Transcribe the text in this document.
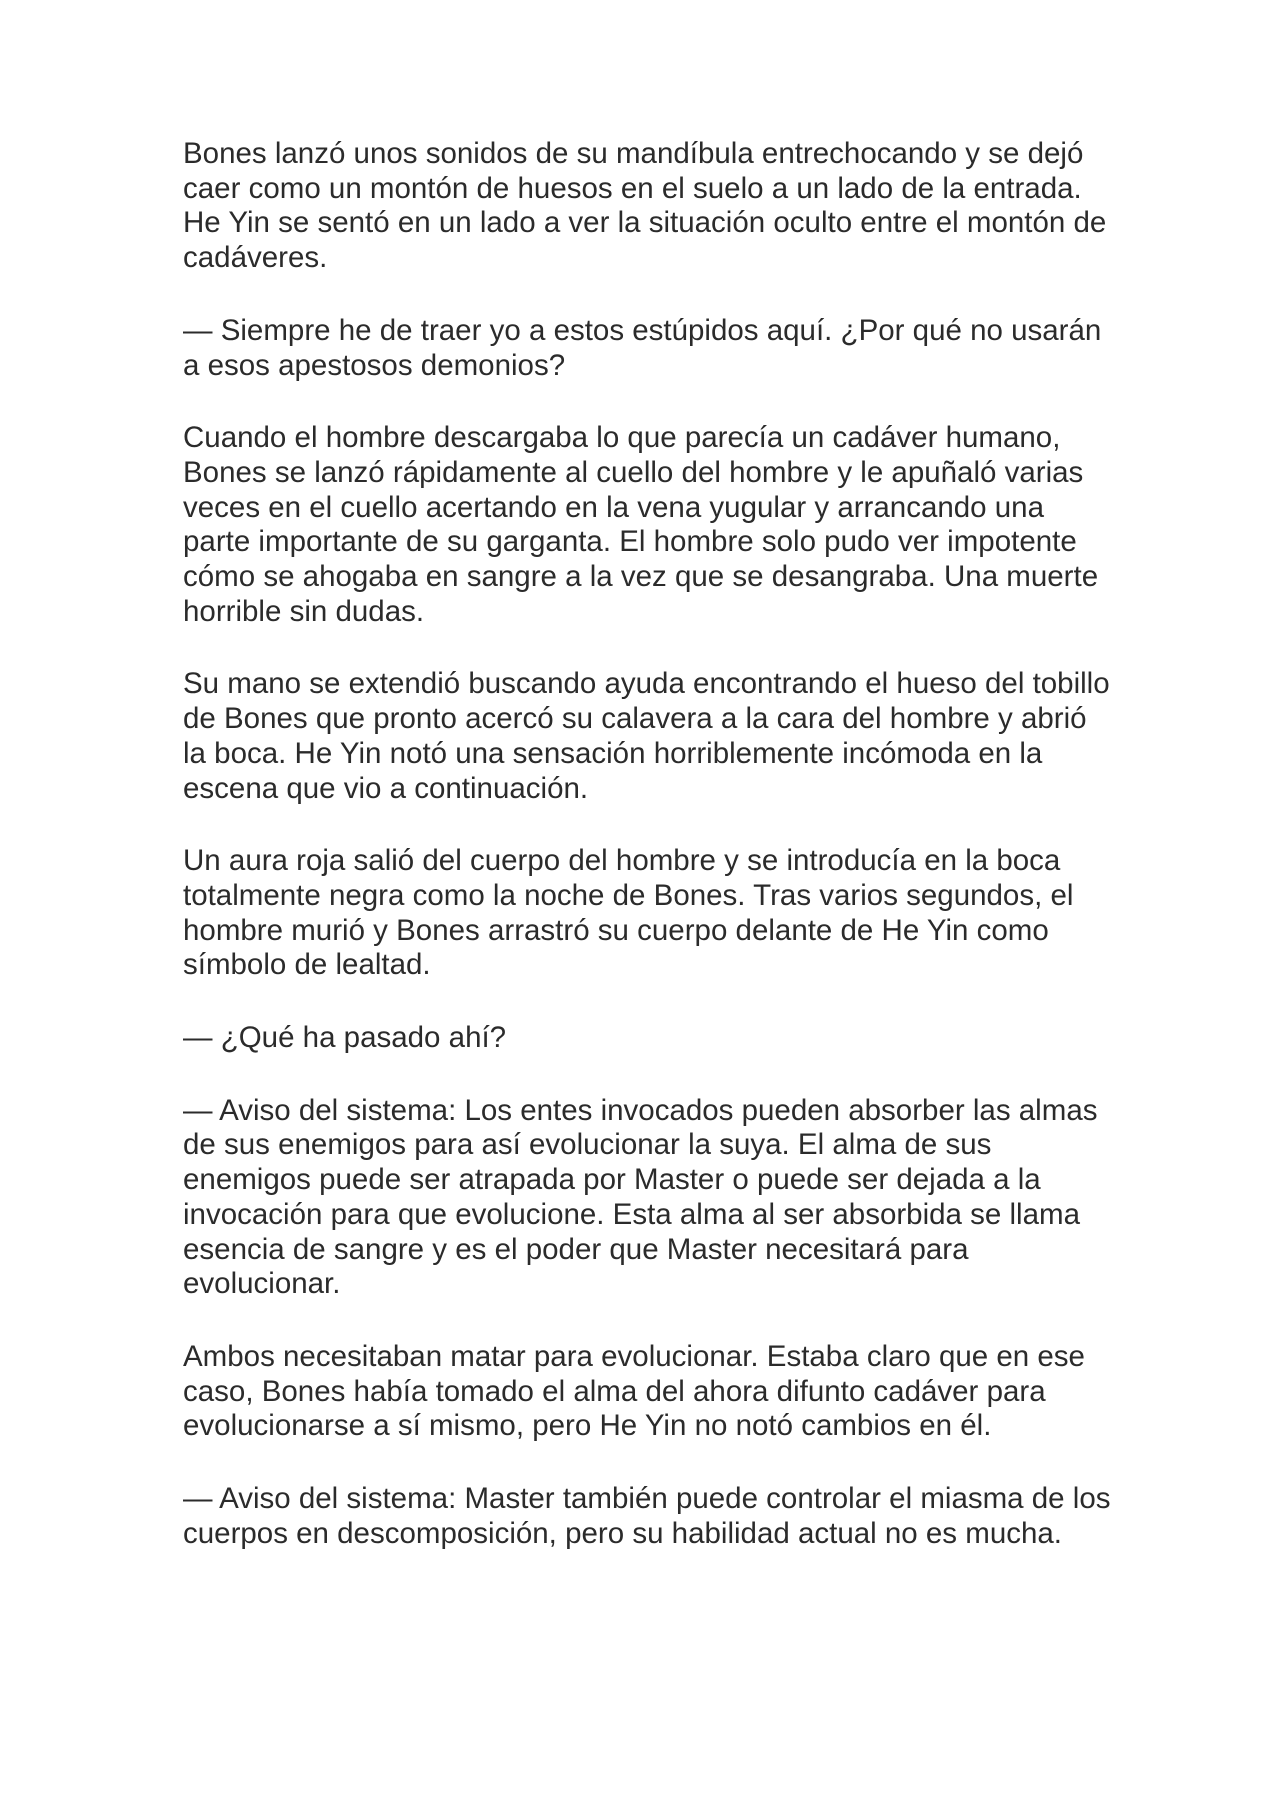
Bones lanzó unos sonidos de su mandíbula entrechocando y se dejó caer como un montón de huesos en el suelo a un lado de la entrada. He Yin se sentó en un lado a ver la situación oculto entre el montón de cadáveres.

— Siempre he de traer yo a estos estúpidos aquí. ¿Por qué no usarán a esos apestosos demonios?

Cuando el hombre descargaba lo que parecía un cadáver humano, Bones se lanzó rápidamente al cuello del hombre y le apuñaló varias veces en el cuello acertando en la vena yugular y arrancando una parte importante de su garganta. El hombre solo pudo ver impotente cómo se ahogaba en sangre a la vez que se desangraba. Una muerte horrible sin dudas.

Su mano se extendió buscando ayuda encontrando el hueso del tobillo de Bones que pronto acercó su calavera a la cara del hombre y abrió la boca. He Yin notó una sensación horriblemente incómoda en la escena que vio a continuación.

Un aura roja salió del cuerpo del hombre y se introducía en la boca totalmente negra como la noche de Bones. Tras varios segundos, el hombre murió y Bones arrastró su cuerpo delante de He Yin como símbolo de lealtad.

— ¿Qué ha pasado ahí?

— Aviso del sistema: Los entes invocados pueden absorber las almas de sus enemigos para así evolucionar la suya. El alma de sus enemigos puede ser atrapada por Master o puede ser dejada a la invocación para que evolucione. Esta alma al ser absorbida se llama esencia de sangre y es el poder que Master necesitará para evolucionar.

Ambos necesitaban matar para evolucionar. Estaba claro que en ese caso, Bones había tomado el alma del ahora difunto cadáver para evolucionarse a sí mismo, pero He Yin no notó cambios en él.

— Aviso del sistema: Master también puede controlar el miasma de los cuerpos en descomposición, pero su habilidad actual no es mucha.
